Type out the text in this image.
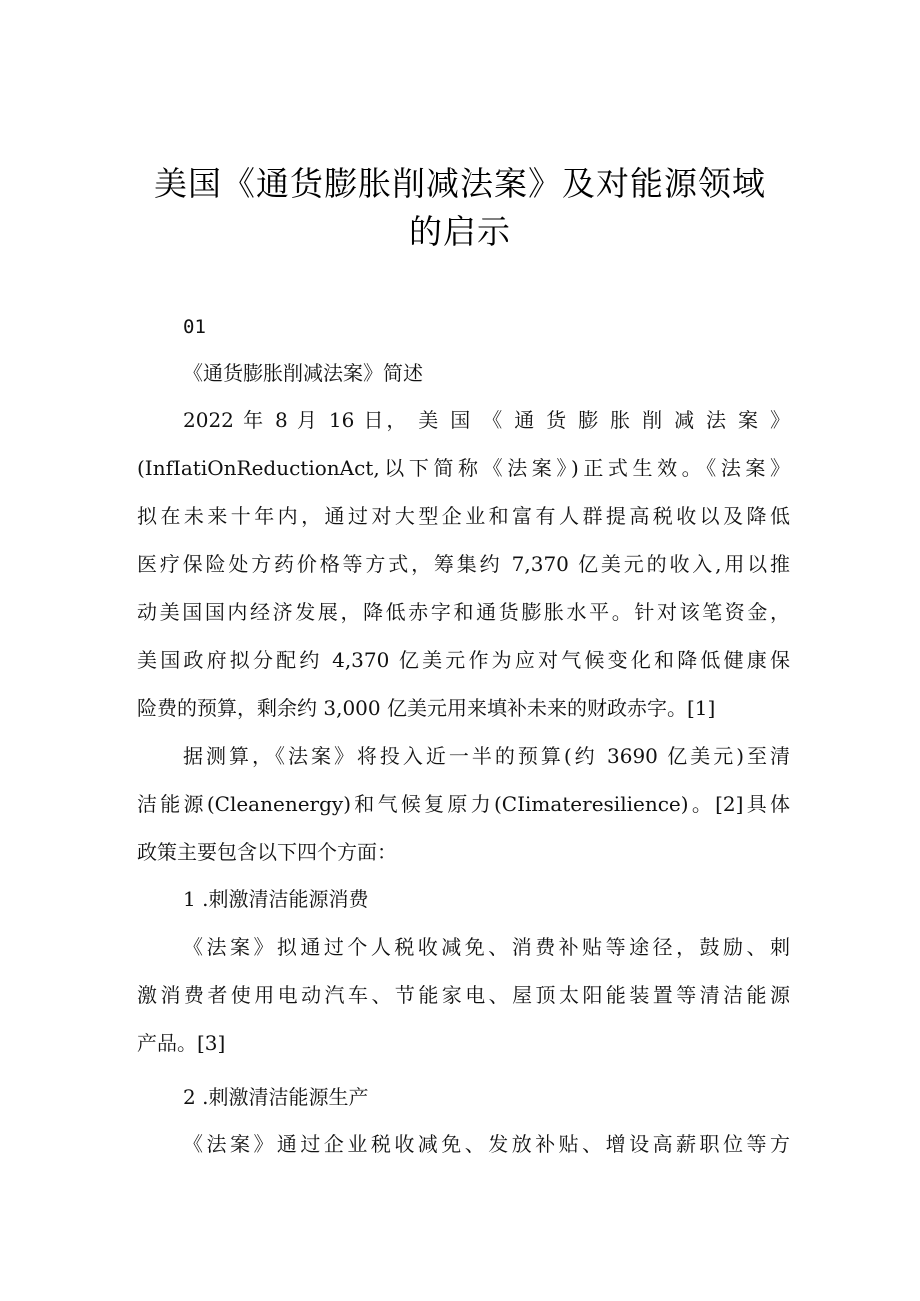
美国《通货膨胀削减法案》及对能源领域
的启示
01
《通货膨胀削减法案》简述
2022 年 8 月 16 日， 美 国 《 通 货 膨 胀 削 减 法 案 》
(InfIatiOnReductionAct,以下简称《法案》)正式生效。《法案》
拟在未来十年内，通过对大型企业和富有人群提高税收以及降低
医疗保险处方药价格等方式，筹集约 7,370 亿美元的收入,用以推
动美国国内经济发展，降低赤字和通货膨胀水平。针对该笔资金，
美国政府拟分配约 4,370 亿美元作为应对气候变化和降低健康保
险费的预算，剩余约 3,000 亿美元用来填补未来的财政赤字。[1]
据测算，《法案》将投入近一半的预算(约 3690 亿美元)至清
洁能源(Cleanenergy)和气候复原力(CIimateresilience)。[2]具体
政策主要包含以下四个方面：
1 .刺激清洁能源消费
《法案》拟通过个人税收减免、消费补贴等途径，鼓励、刺
激消费者使用电动汽车、节能家电、屋顶太阳能装置等清洁能源
产品。[3]
2 .刺激清洁能源生产
《法案》通过企业税收减免、发放补贴、增设高薪职位等方
